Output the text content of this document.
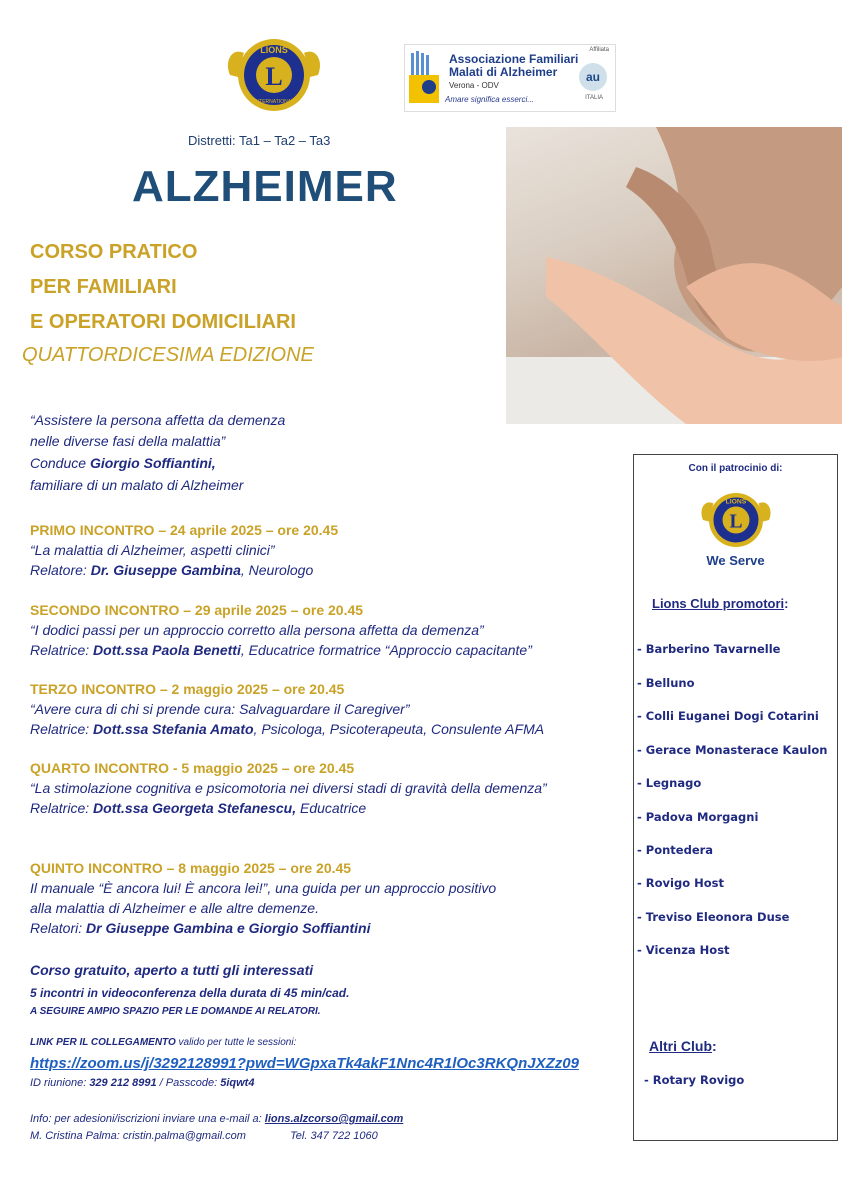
L
LIONS
INTERNATIONAL
Associazione Familiari
Malati di Alzheimer
Verona - ODV
Amare significa esserci...
Affiliata
au
ITALIA
Distretti: Ta1 – Ta2 – Ta3
ALZHEIMER
CORSO PRATICO
PER FAMILIARI
E OPERATORI DOMICILIARI
QUATTORDICESIMA EDIZIONE
“Assistere la persona affetta da demenza
nelle diverse fasi della malattia”
Conduce Giorgio Soffiantini,
familiare di un malato di Alzheimer
PRIMO INCONTRO – 24 aprile 2025 – ore 20.45
“La malattia di Alzheimer, aspetti clinici”
Relatore: Dr. Giuseppe Gambina, Neurologo
SECONDO INCONTRO – 29 aprile 2025 – ore 20.45
“I dodici passi per un approccio corretto alla persona affetta da demenza”
Relatrice: Dott.ssa Paola Benetti, Educatrice formatrice “Approccio capacitante”
TERZO INCONTRO – 2 maggio 2025 – ore 20.45
“Avere cura di chi si prende cura: Salvaguardare il Caregiver”
Relatrice: Dott.ssa Stefania Amato, Psicologa, Psicoterapeuta, Consulente AFMA
QUARTO INCONTRO - 5 maggio 2025 – ore 20.45
“La stimolazione cognitiva e psicomotoria nei diversi stadi di gravità della demenza”
Relatrice: Dott.ssa Georgeta Stefanescu, Educatrice
QUINTO INCONTRO – 8 maggio 2025 – ore 20.45
Il manuale “È ancora lui! È ancora lei!”, una guida per un approccio positivo
alla malattia di Alzheimer e alle altre demenze.
Relatori: Dr Giuseppe Gambina e Giorgio Soffiantini
Corso gratuito, aperto a tutti gli interessati
5 incontri in videoconferenza della durata di 45 min/cad.
A SEGUIRE AMPIO SPAZIO PER LE DOMANDE AI RELATORI.
LINK PER IL COLLEGAMENTO valido per tutte le sessioni:
https://zoom.us/j/3292128991?pwd=WGpxaTk4akF1Nnc4R1lOc3RKQnJXZz09
ID riunione: 329 212 8991 / Passcode: 5iqwt4
Info: per adesioni/iscrizioni inviare una e-mail a: lions.alzcorso@gmail.com
M. Cristina Palma: cristin.palma@gmail.com	Tel. 347 722 1060
Con il patrocinio di:
L
LIONS
We Serve
Lions Club promotori:
- Barberino Tavarnelle
- Belluno
- Colli Euganei Dogi Cotarini
- Gerace Monasterace Kaulon
- Legnago
- Padova Morgagni
- Pontedera
- Rovigo Host
- Treviso Eleonora Duse
- Vicenza Host
Altri Club:
- Rotary Rovigo
